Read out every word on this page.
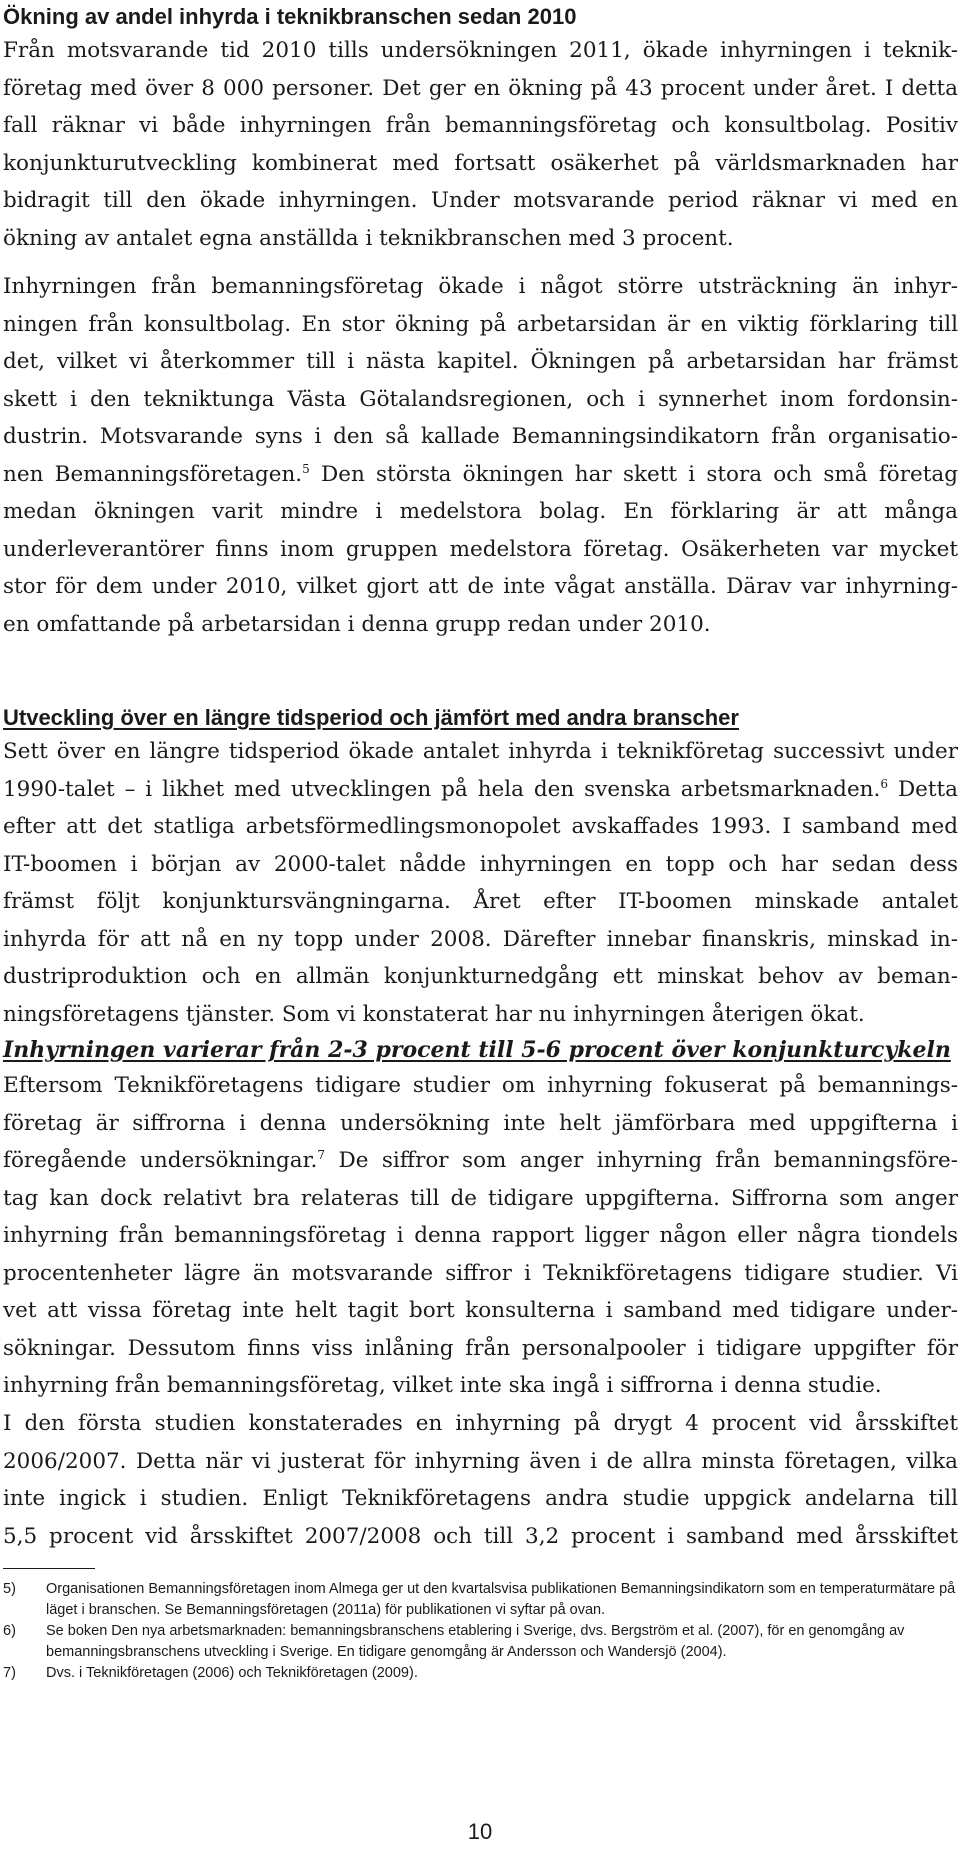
Ökning av andel inhyrda i teknikbranschen sedan 2010

Från motsvarande tid 2010 tills undersökningen 2011, ökade inhyrningen i teknik-
företag med över 8 000 personer. Det ger en ökning på 43 procent under året. I detta
fall räknar vi både inhyrningen från bemanningsföretag och konsultbolag. Positiv
konjunkturutveckling kombinerat med fortsatt osäkerhet på världsmarknaden har
bidragit till den ökade inhyrningen. Under motsvarande period räknar vi med en
ökning av antalet egna anställda i teknikbranschen med 3 procent.

Inhyrningen från bemanningsföretag ökade i något större utsträckning än inhyr-
ningen från konsultbolag. En stor ökning på arbetarsidan är en viktig förklaring till
det, vilket vi återkommer till i nästa kapitel. Ökningen på arbetarsidan har främst
skett i den tekniktunga Västa Götalandsregionen, och i synnerhet inom fordonsin-
dustrin. Motsvarande syns i den så kallade Bemanningsindikatorn från organisatio-
nen Bemanningsföretagen.$^5$ Den största ökningen har skett i stora och små företag
medan ökningen varit mindre i medelstora bolag. En förklaring är att många
underleverantörer finns inom gruppen medelstora företag. Osäkerheten var mycket
stor för dem under 2010, vilket gjort att de inte vågat anställa. Därav var inhyrning-
en omfattande på arbetarsidan i denna grupp redan under 2010.

Utveckling över en längre tidsperiod och jämfört med andra branscher

Sett över en längre tidsperiod ökade antalet inhyrda i teknikföretag successivt under
1990-talet – i likhet med utvecklingen på hela den svenska arbetsmarknaden.$^6$ Detta
efter att det statliga arbetsförmedlingsmonopolet avskaffades 1993. I samband med
IT-boomen i början av 2000-talet nådde inhyrningen en topp och har sedan dess
främst följt konjunktursvängningarna. Året efter IT-boomen minskade antalet
inhyrda för att nå en ny topp under 2008. Därefter innebar finanskris, minskad in-
dustriproduktion och en allmän konjunkturnedgång ett minskat behov av beman-
ningsföretagens tjänster. Som vi konstaterat har nu inhyrningen återigen ökat.

Inhyrningen varierar från 2-3 procent till 5-6 procent över konjunkturcykeln

Eftersom Teknikföretagens tidigare studier om inhyrning fokuserat på bemannings-
företag är siffrorna i denna undersökning inte helt jämförbara med uppgifterna i
föregående undersökningar.$^7$ De siffror som anger inhyrning från bemanningsföre-
tag kan dock relativt bra relateras till de tidigare uppgifterna. Siffrorna som anger
inhyrning från bemanningsföretag i denna rapport ligger någon eller några tiondels
procentenheter lägre än motsvarande siffror i Teknikföretagens tidigare studier. Vi
vet att vissa företag inte helt tagit bort konsulterna i samband med tidigare under-
sökningar. Dessutom finns viss inlåning från personalpooler i tidigare uppgifter för
inhyrning från bemanningsföretag, vilket inte ska ingå i siffrorna i denna studie.

I den första studien konstaterades en inhyrning på drygt 4 procent vid årsskiftet
2006/2007. Detta när vi justerat för inhyrning även i de allra minsta företagen, vilka
inte ingick i studien. Enligt Teknikföretagens andra studie uppgick andelarna till
5,5 procent vid årsskiftet 2007/2008 och till 3,2 procent i samband med årsskiftet

5)	Organisationen Bemanningsföretagen inom Almega ger ut den kvartalsvisa publikationen Bemanningsindikatorn som en temperaturmätare på läget i branschen. Se Bemanningsföretagen (2011a) för publikationen vi syftar på ovan.

6)	Se boken Den nya arbetsmarknaden: bemanningsbranschens etablering i Sverige, dvs. Bergström et al. (2007), för en genomgång av bemanningsbranschens utveckling i Sverige. En tidigare genomgång är Andersson och Wandersjö (2004).

7)	Dvs. i Teknikföretagen (2006) och Teknikföretagen (2009).

10
